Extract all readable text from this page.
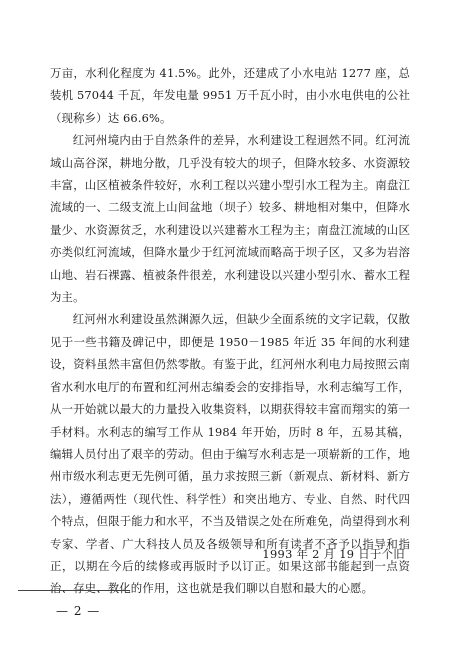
万亩，水利化程度为 41.5%。此外，还建成了小水电站 1277 座，总装机 57044 千瓦，年发电量 9951 万千瓦小时，由小水电供电的公社（现称乡）达 66.6%。

红河州境内由于自然条件的差异，水利建设工程迥然不同。红河流域山高谷深，耕地分散，几乎没有较大的坝子，但降水较多、水资源较丰富，山区植被条件较好，水利工程以兴建小型引水工程为主。南盘江流域的一、二级支流上山间盆地（坝子）较多、耕地相对集中，但降水量少、水资源贫乏，水利建设以兴建蓄水工程为主；南盘江流域的山区亦类似红河流域，但降水量少于红河流域而略高于坝子区，又多为岩溶山地、岩石裸露、植被条件很差，水利建设以兴建小型引水、蓄水工程为主。

红河州水利建设虽然渊源久远，但缺少全面系统的文字记载，仅散见于一些书籍及碑记中，即便是 1950－1985 年近 35 年间的水利建设，资料虽然丰富但仍然零散。有鉴于此，红河州水利电力局按照云南省水利水电厅的布置和红河州志编委会的安排指导，水利志编写工作，从一开始就以最大的力量投入收集资料，以期获得较丰富而翔实的第一手材料。水利志的编写工作从 1984 年开始，历时 8 年，五易其稿，编辑人员付出了艰辛的劳动。但由于编写水利志是一项崭新的工作，地州市级水利志更无先例可循，虽力求按照三新（新观点、新材料、新方法），遵循两性（现代性、科学性）和突出地方、专业、自然、时代四个特点，但限于能力和水平，不当及错误之处在所难免，尚望得到水利专家、学者、广大科技人员及各级领导和所有读者不吝予以指导和指正，以期在今后的续修或再版时予以订正。如果这部书能起到一点资治、存史、教化的作用，这也就是我们聊以自慰和最大的心愿。

1993 年 2 月 19 日于个旧
— 2 —
